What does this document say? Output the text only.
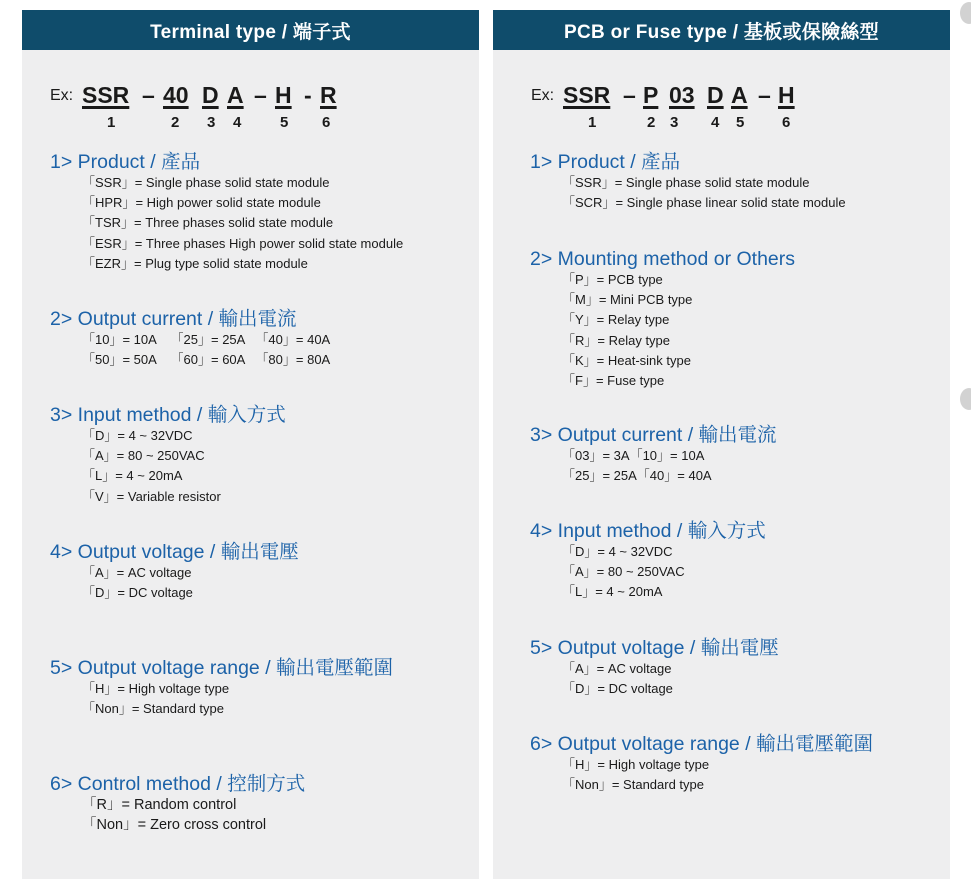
Terminal type / 端子式
Ex: SSR – 40 D A – H - R
1	2 3 4	5 6
1> Product / 產品
「SSR」= Single phase solid state module
「HPR」= High power solid state module
「TSR」= Three phases solid state module
「ESR」= Three phases High power solid state module
「EZR」= Plug type solid state module
2> Output current / 輸出電流
「10」= 10A    「25」= 25A   「40」= 40A
「50」= 50A    「60」= 60A   「80」= 80A
3> Input method / 輸入方式
「D」= 4 ~ 32VDC
「A」= 80 ~ 250VAC
「L」= 4 ~ 20mA
「V」= Variable resistor
4> Output voltage / 輸出電壓
「A」= AC voltage
「D」= DC voltage
5> Output voltage range / 輸出電壓範圍
「H」= High voltage type
「Non」= Standard type
6> Control method / 控制方式
「R」= Random control
「Non」= Zero cross control
PCB or Fuse type / 基板或保險絲型
Ex: SSR – P 03 D A – H
1	2 3 4 5	6
1> Product / 產品
「SSR」= Single phase solid state module
「SCR」= Single phase linear solid state module
2> Mounting method or Others
「P」= PCB type
「M」= Mini PCB type
「Y」= Relay type
「R」= Relay type
「K」= Heat-sink type
「F」= Fuse type
3> Output current / 輸出電流
「03」= 3A「10」= 10A
「25」= 25A「40」= 40A
4> Input method / 輸入方式
「D」= 4 ~ 32VDC
「A」= 80 ~ 250VAC
「L」= 4 ~ 20mA
5> Output voltage / 輸出電壓
「A」= AC voltage
「D」= DC voltage
6> Output voltage range / 輸出電壓範圍
「H」= High voltage type
「Non」= Standard type
